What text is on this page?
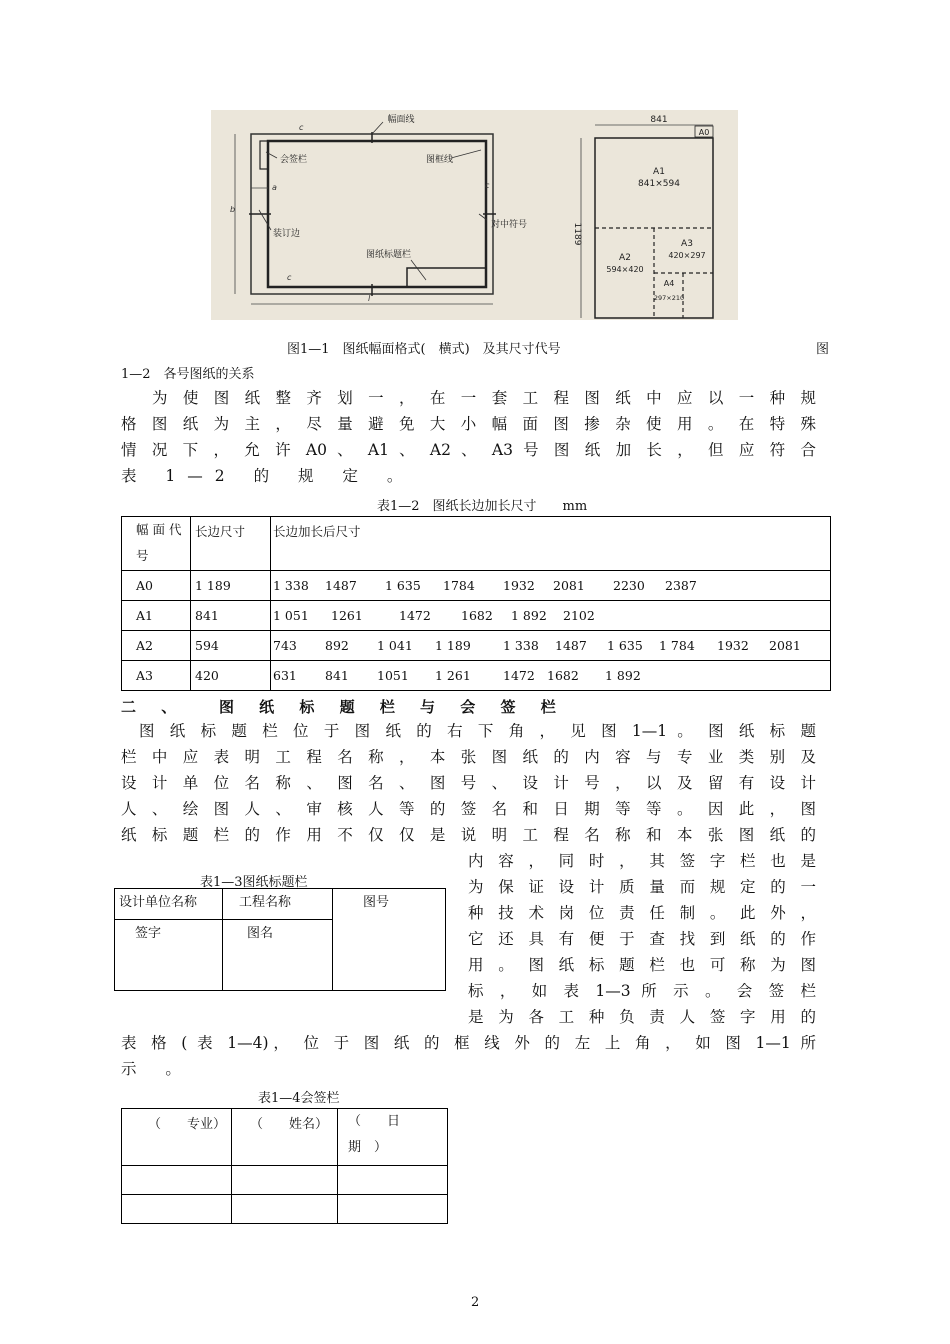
幅面线
会签栏	图框线
装订边
图纸标题栏
对中符号
a
b
c
c
c
l
841
1189
A0
A1
841×594
A2
594×420
A3
420×297
A4
297×210
图1—1　图纸幅面格式(　横式)　及其尺寸代号	图
1—2　各号图纸的关系
为 使 图 纸 整 齐 划 一 ， 在 一 套 工 程 图 纸 中 应 以 一 种 规
格 图 纸 为 主 ， 尽 量 避 免 大 小 幅 面 图 掺 杂 使 用 。 在 特 殊
情 况 下 ， 允 许 A0 、 A1 、 A2 、 A3 号 图 纸 加 长 ， 但 应 符 合
表 1—2 的 规 定 。
表1—2　图纸长边加长尺寸　　mm
幅 面 代 号	长边尺寸	长边加长后尺寸
A0	1 189	1 338 1487 1 635 1784 1932 2081 2230 2387
A1	841	1 051 1261 1472 1682 1 892 2102
A2	594	743 892 1 041 1 189 1 338 1487 1 635 1 784 1932 2081
A3	420	631 841 1051 1 261 1472 1682 1 892
二 、　 图 纸 标 题 栏 与 会 签 栏
图 纸 标 题 栏 位 于 图 纸 的 右 下 角 ， 见 图 1—1 。 图 纸 标 题
栏 中 应 表 明 工 程 名 称 ， 本 张 图 纸 的 内 容 与 专 业 类 别 及
设 计 单 位 名 称 、 图 名 、 图 号 、 设 计 号 ， 以 及 留 有 设 计
人 、 绘 图 人 、 审 核 人 等 的 签 名 和 日 期 等 等 。 因 此 ， 图
纸 标 题 栏 的 作 用 不 仅 仅 是 说 明 工 程 名 称 和 本 张 图 纸 的
内 容 ， 同 时 ， 其 签 字 栏 也 是
为 保 证 设 计 质 量 而 规 定 的 一
种 技 术 岗 位 责 任 制 。 此 外 ，
它 还 具 有 便 于 查 找 到 纸 的 作
用 。 图 纸 标 题 栏 也 可 称 为 图
标 ， 如 表 1—3 所 示 。 会 签 栏
是 为 各 工 种 负 责 人 签 字 用 的
表 格 ( 表 1—4)， 位 于 图 纸 的 框 线 外 的 左 上 角 ， 如 图 1—1 所
示 。
表1—3图纸标题栏
设计单位名称	工程名称	图号
签字	图名	
表1—4会签栏
（　　专业）	（　　姓名）	（　　日
期　）

2
